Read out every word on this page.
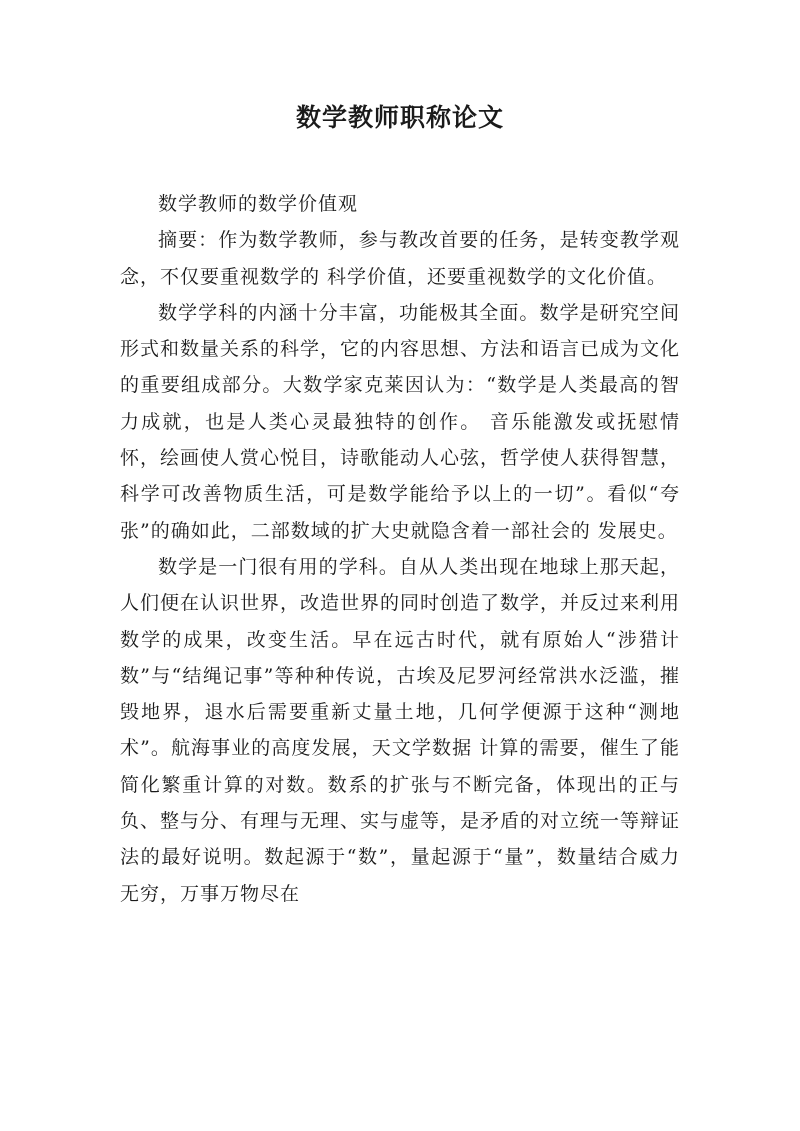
数学教师职称论文

数学教师的数学价值观

摘要：作为数学教师，参与教改首要的任务，是转变教学观念，不仅要重视数学的 科学价值，还要重视数学的文化价值。

数学学科的内涵十分丰富，功能极其全面。数学是研究空间形式和数量关系的科学，它的内容思想、方法和语言已成为文化的重要组成部分。大数学家克莱因认为：“数学是人类最高的智力成就，也是人类心灵最独特的创作。 音乐能激发或抚慰情怀，绘画使人赏心悦目，诗歌能动人心弦，哲学使人获得智慧，科学可改善物质生活，可是数学能给予以上的一切”。看似“夸张”的确如此，二部数域的扩大史就隐含着一部社会的 发展史。

数学是一门很有用的学科。自从人类出现在地球上那天起，人们便在认识世界，改造世界的同时创造了数学，并反过来利用数学的成果，改变生活。早在远古时代，就有原始人“涉猎计数”与“结绳记事”等种种传说，古埃及尼罗河经常洪水泛滥，摧毁地界，退水后需要重新丈量土地，几何学便源于这种“测地术”。航海事业的高度发展，天文学数据 计算的需要，催生了能简化繁重计算的对数。数系的扩张与不断完备，体现出的正与负、整与分、有理与无理、实与虚等，是矛盾的对立统一等辩证法的最好说明。数起源于“数”，量起源于“量”，数量结合威力无穷，万事万物尽在
